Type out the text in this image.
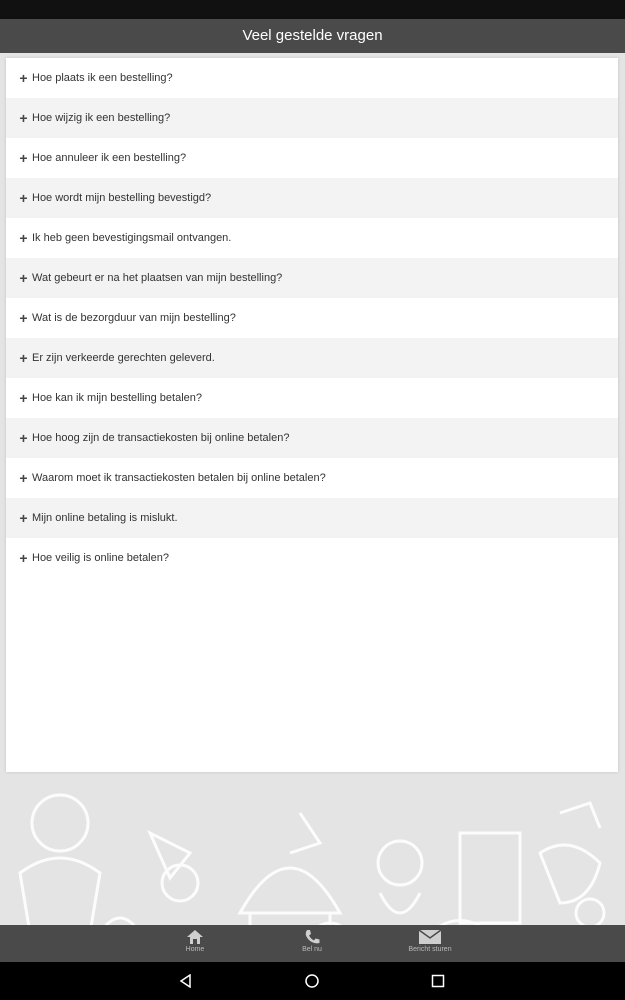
Veel gestelde vragen
+ Hoe plaats ik een bestelling?
+ Hoe wijzig ik een bestelling?
+ Hoe annuleer ik een bestelling?
+ Hoe wordt mijn bestelling bevestigd?
+ Ik heb geen bevestigingsmail ontvangen.
+ Wat gebeurt er na het plaatsen van mijn bestelling?
+ Wat is de bezorgduur van mijn bestelling?
+ Er zijn verkeerde gerechten geleverd.
+ Hoe kan ik mijn bestelling betalen?
+ Hoe hoog zijn de transactiekosten bij online betalen?
+ Waarom moet ik transactiekosten betalen bij online betalen?
+ Mijn online betaling is mislukt.
+ Hoe veilig is online betalen?
Home	Bel nu	Bericht sturen
